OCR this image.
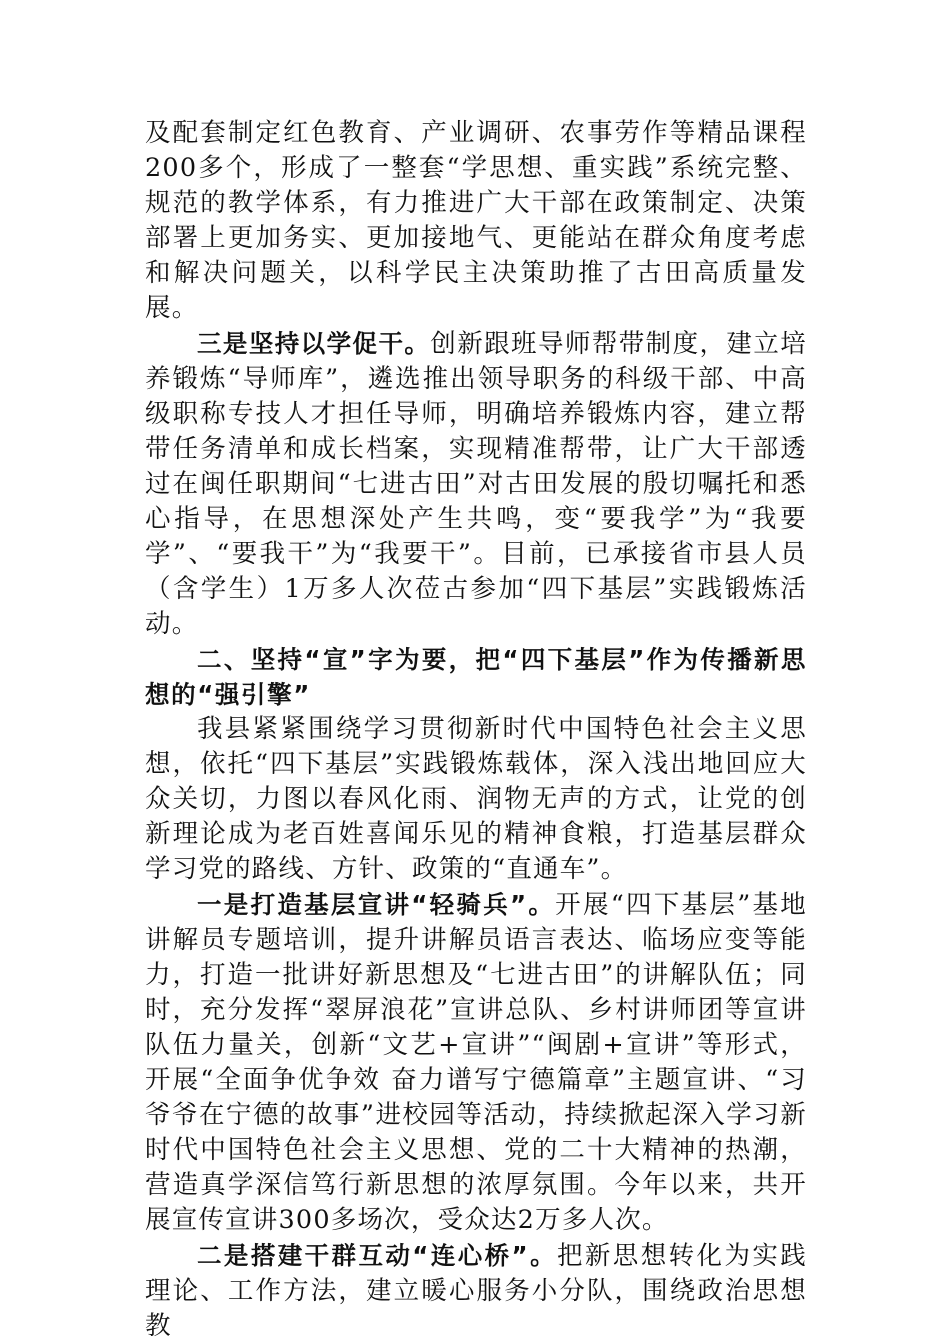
及配套制定红色教育、产业调研、农事劳作等精品课程200多个，形成了一整套“学思想、重实践”系统完整、规范的教学体系，有力推进广大干部在政策制定、决策部署上更加务实、更加接地气、更能站在群众角度考虑和解决问题关，以科学民主决策助推了古田高质量发展。

三是坚持以学促干。创新跟班导师帮带制度，建立培养锻炼“导师库”，遴选推出领导职务的科级干部、中高级职称专技人才担任导师，明确培养锻炼内容，建立帮带任务清单和成长档案，实现精准帮带，让广大干部透过在闽任职期间“七进古田”对古田发展的殷切嘱托和悉心指导，在思想深处产生共鸣，变“要我学”为“我要学”、“要我干”为“我要干”。目前，已承接省市县人员（含学生）1万多人次莅古参加“四下基层”实践锻炼活动。

二、坚持“宣”字为要，把“四下基层”作为传播新思想的“强引擎”

我县紧紧围绕学习贯彻新时代中国特色社会主义思想，依托“四下基层”实践锻炼载体，深入浅出地回应大众关切，力图以春风化雨、润物无声的方式，让党的创新理论成为老百姓喜闻乐见的精神食粮，打造基层群众学习党的路线、方针、政策的“直通车”。

一是打造基层宣讲“轻骑兵”。开展“四下基层”基地讲解员专题培训，提升讲解员语言表达、临场应变等能力，打造一批讲好新思想及“七进古田”的讲解队伍；同时，充分发挥“翠屏浪花”宣讲总队、乡村讲师团等宣讲队伍力量关，创新“文艺+宣讲”“闽剧+宣讲”等形式，开展“全面争优争效 奋力谱写宁德篇章”主题宣讲、“习爷爷在宁德的故事”进校园等活动，持续掀起深入学习新时代中国特色社会主义思想、党的二十大精神的热潮，营造真学深信笃行新思想的浓厚氛围。今年以来，共开展宣传宣讲300多场次，受众达2万多人次。

二是搭建干群互动“连心桥”。把新思想转化为实践理论、工作方法，建立暖心服务小分队，围绕政治思想教
